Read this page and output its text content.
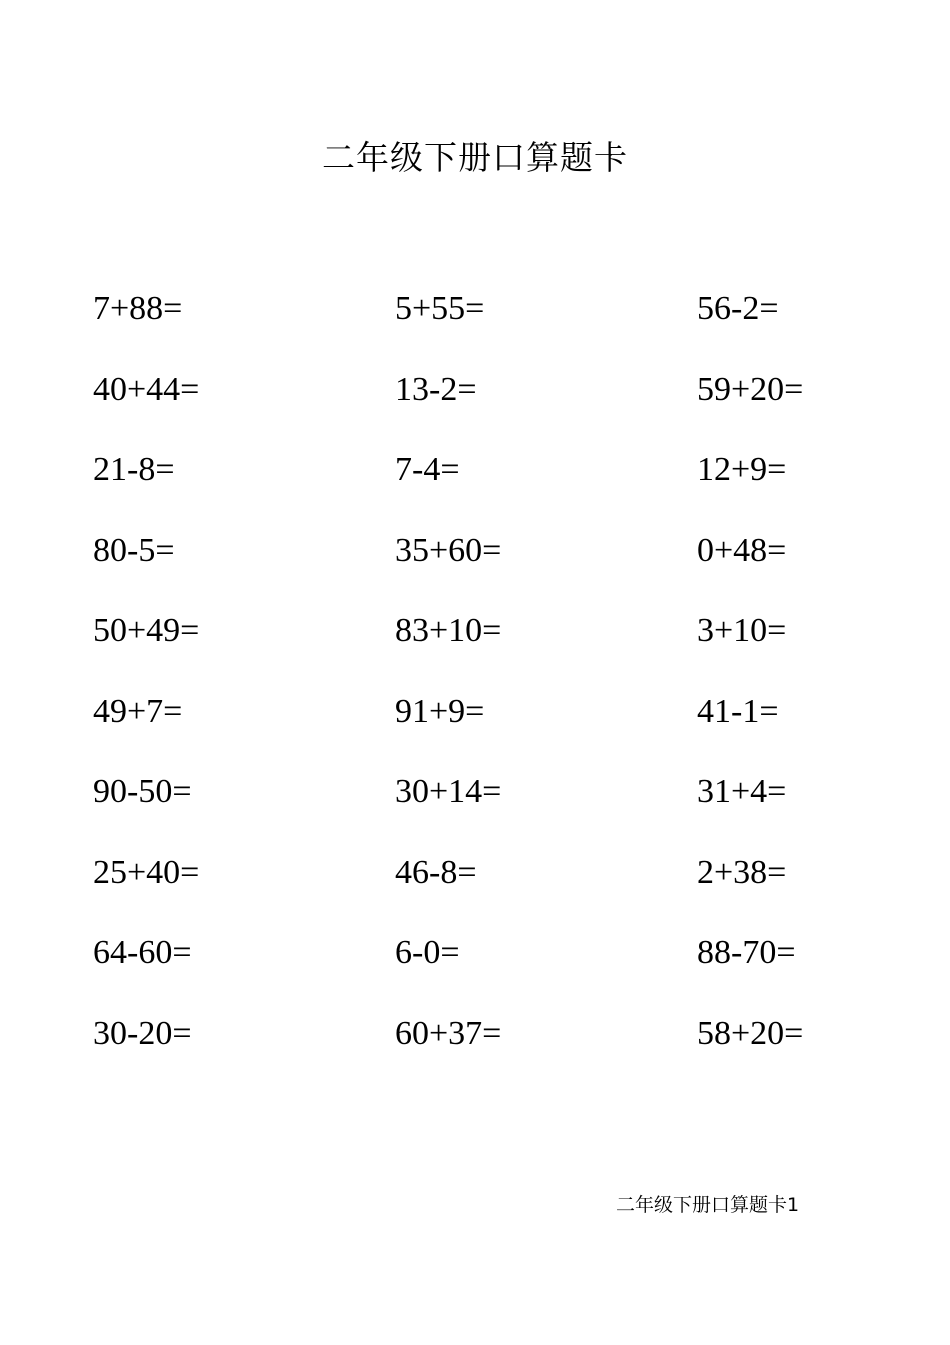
二年级下册口算题卡
7+88=	5+55=	56-2=
40+44=	13-2=	59+20=
21-8=	7-4=	12+9=
80-5=	35+60=	0+48=
50+49=	83+10=	3+10=
49+7=	91+9=	41-1=
90-50=	30+14=	31+4=
25+40=	46-8=	2+38=
64-60=	6-0=	88-70=
30-20=	60+37=	58+20=
二年级下册口算题卡1
